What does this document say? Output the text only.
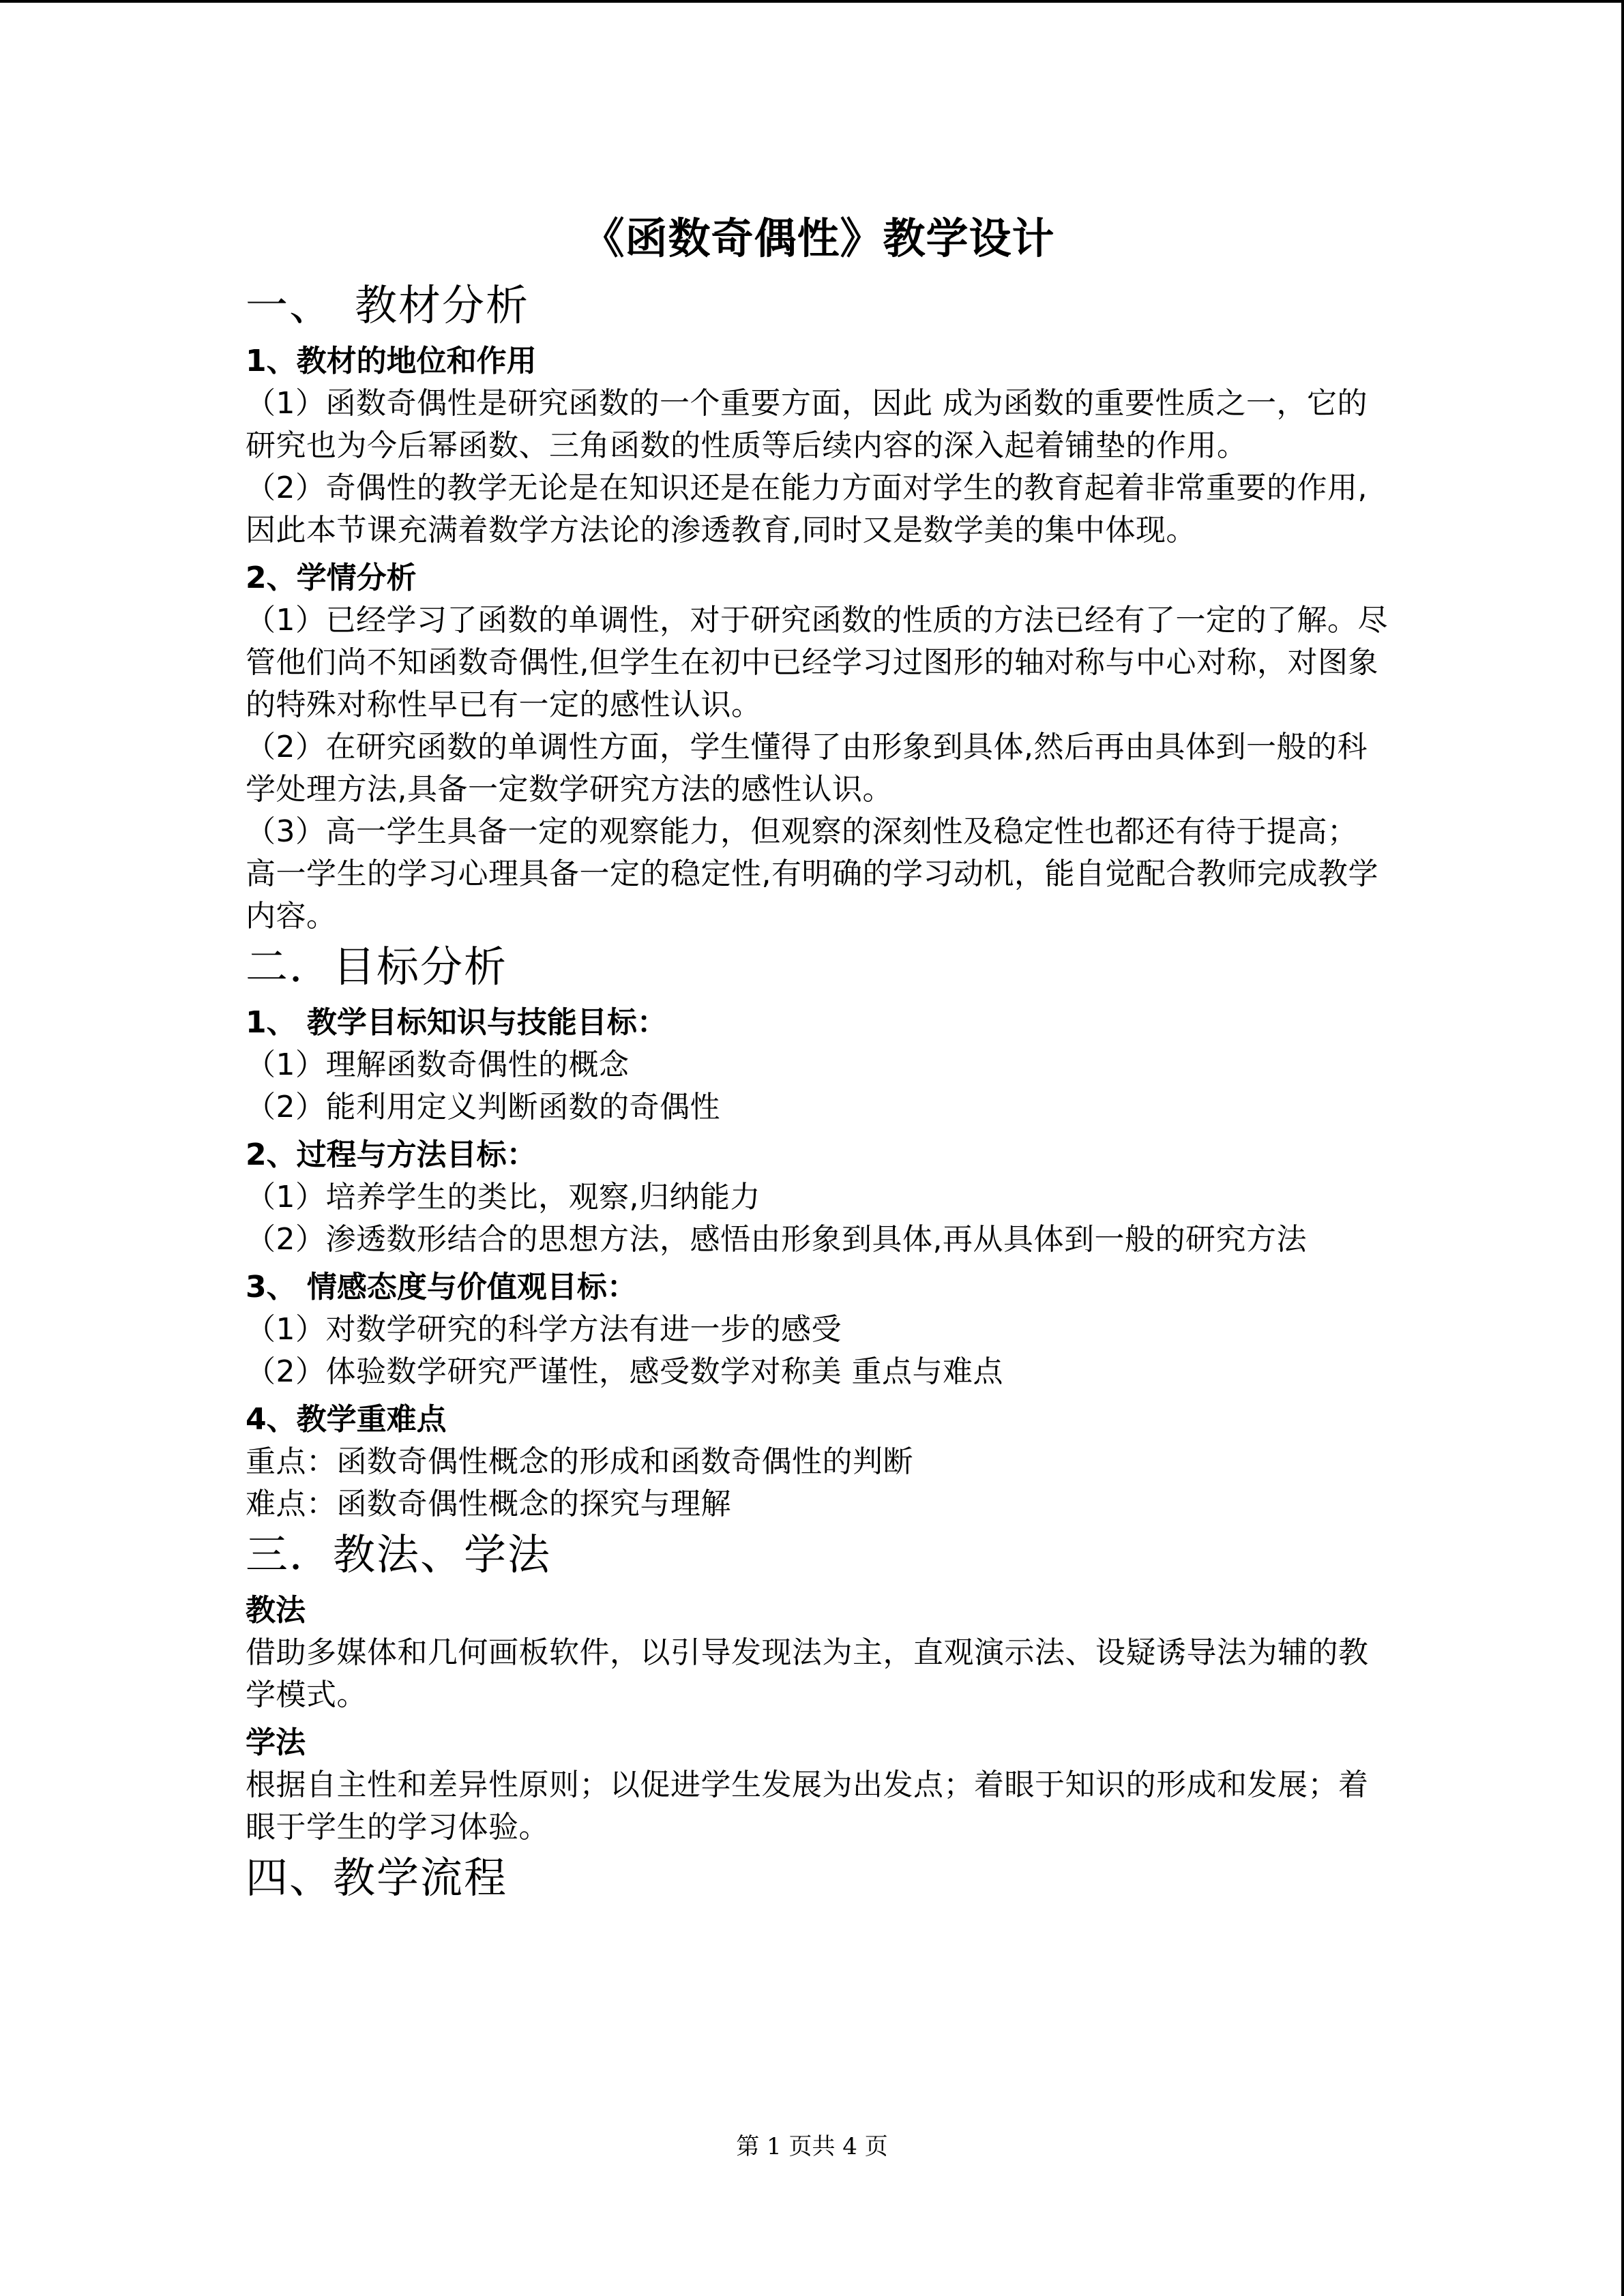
《函数奇偶性》教学设计
一、 教材分析
1、教材的地位和作用

（1）函数奇偶性是研究函数的一个重要方面，因此 成为函数的重要性质之一，它的研究也为今后幂函数、三角函数的性质等后续内容的深入起着铺垫的作用。

（2）奇偶性的教学无论是在知识还是在能力方面对学生的教育起着非常重要的作用,因此本节课充满着数学方法论的渗透教育,同时又是数学美的集中体现。

2、学情分析

（1）已经学习了函数的单调性，对于研究函数的性质的方法已经有了一定的了解。尽管他们尚不知函数奇偶性,但学生在初中已经学习过图形的轴对称与中心对称，对图象的特殊对称性早已有一定的感性认识。

（2）在研究函数的单调性方面，学生懂得了由形象到具体,然后再由具体到一般的科学处理方法,具备一定数学研究方法的感性认识。

（3）高一学生具备一定的观察能力，但观察的深刻性及稳定性也都还有待于提高； 高一学生的学习心理具备一定的稳定性,有明确的学习动机，能自觉配合教师完成教学内容。

二．目标分析
1、 教学目标知识与技能目标：

（1）理解函数奇偶性的概念

（2）能利用定义判断函数的奇偶性

2、过程与方法目标：

（1）培养学生的类比，观察,归纳能力

（2）渗透数形结合的思想方法，感悟由形象到具体,再从具体到一般的研究方法

3、 情感态度与价值观目标：

（1）对数学研究的科学方法有进一步的感受

（2）体验数学研究严谨性，感受数学对称美 重点与难点

4、教学重难点

重点：函数奇偶性概念的形成和函数奇偶性的判断

难点：函数奇偶性概念的探究与理解

三．教法、学法
教法

借助多媒体和几何画板软件，以引导发现法为主，直观演示法、设疑诱导法为辅的教学模式。

学法

根据自主性和差异性原则；以促进学生发展为出发点；着眼于知识的形成和发展；着眼于学生的学习体验。

四、教学流程
第 1 页共 4 页
